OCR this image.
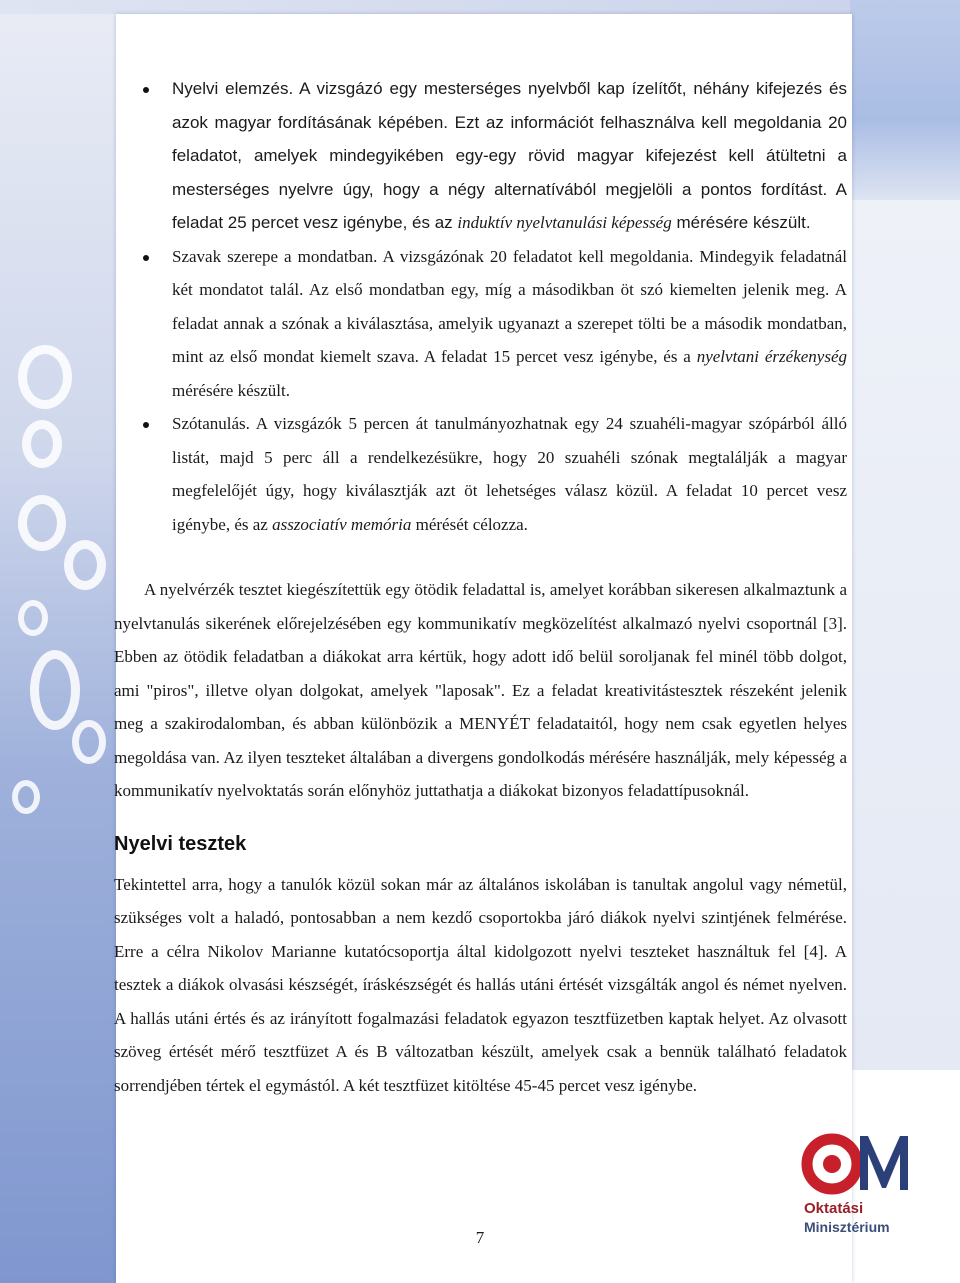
Nyelvi elemzés. A vizsgázó egy mesterséges nyelvből kap ízelítőt, néhány kifejezés és azok magyar fordításának képében. Ezt az információt felhasználva kell megoldania 20 feladatot, amelyek mindegyikében egy-egy rövid magyar kifejezést kell átültetni a mesterséges nyelvre úgy, hogy a négy alternatívából megjelöli a pontos fordítást. A feladat 25 percet vesz igénybe, és az induktív nyelvtanulási képesség mérésére készült.
Szavak szerepe a mondatban. A vizsgázónak 20 feladatot kell megoldania. Mindegyik feladatnál két mondatot talál. Az első mondatban egy, míg a másodikban öt szó kiemelten jelenik meg. A feladat annak a szónak a kiválasztása, amelyik ugyanazt a szerepet tölti be a második mondatban, mint az első mondat kiemelt szava. A feladat 15 percet vesz igénybe, és a nyelvtani érzékenység mérésére készült.
Szótanulás. A vizsgázók 5 percen át tanulmányozhatnak egy 24 szuahéli-magyar szópárból álló listát, majd 5 perc áll a rendelkezésükre, hogy 20 szuahéli szónak megtalálják a magyar megfelelőjét úgy, hogy kiválasztják azt öt lehetséges válasz közül. A feladat 10 percet vesz igénybe, és az asszociatív memória mérését célozza.

A nyelvérzék tesztet kiegészítettük egy ötödik feladattal is, amelyet korábban sikeresen alkalmaztunk a nyelvtanulás sikerének előrejelzésében egy kommunikatív megközelítést alkalmazó nyelvi csoportnál [3]. Ebben az ötödik feladatban a diákokat arra kértük, hogy adott idő belül soroljanak fel minél több dolgot, ami "piros", illetve olyan dolgokat, amelyek "laposak". Ez a feladat kreativitástesztek részeként jelenik meg a szakirodalomban, és abban különbözik a MENYÉT feladataitól, hogy nem csak egyetlen helyes megoldása van. Az ilyen teszteket általában a divergens gondolkodás mérésére használják, mely képesség a kommunikatív nyelvoktatás során előnyhöz juttathatja a diákokat bizonyos feladattípusoknál.

Nyelvi tesztek

Tekintettel arra, hogy a tanulók közül sokan már az általános iskolában is tanultak angolul vagy németül, szükséges volt a haladó, pontosabban a nem kezdő csoportokba járó diákok nyelvi szintjének felmérése. Erre a célra Nikolov Marianne kutatócsoportja által kidolgozott nyelvi teszteket használtuk fel [4]. A tesztek a diákok olvasási készségét, íráskészségét és hallás utáni értését vizsgálták angol és német nyelven. A hallás utáni értés és az irányított fogalmazási feladatok egyazon tesztfüzetben kaptak helyet. Az olvasott szöveg értését mérő tesztfüzet A és B változatban készült, amelyek csak a bennük található feladatok sorrendjében tértek el egymástól. A két tesztfüzet kitöltése 45-45 percet vesz igénybe.

7
Oktatási
Minisztérium
